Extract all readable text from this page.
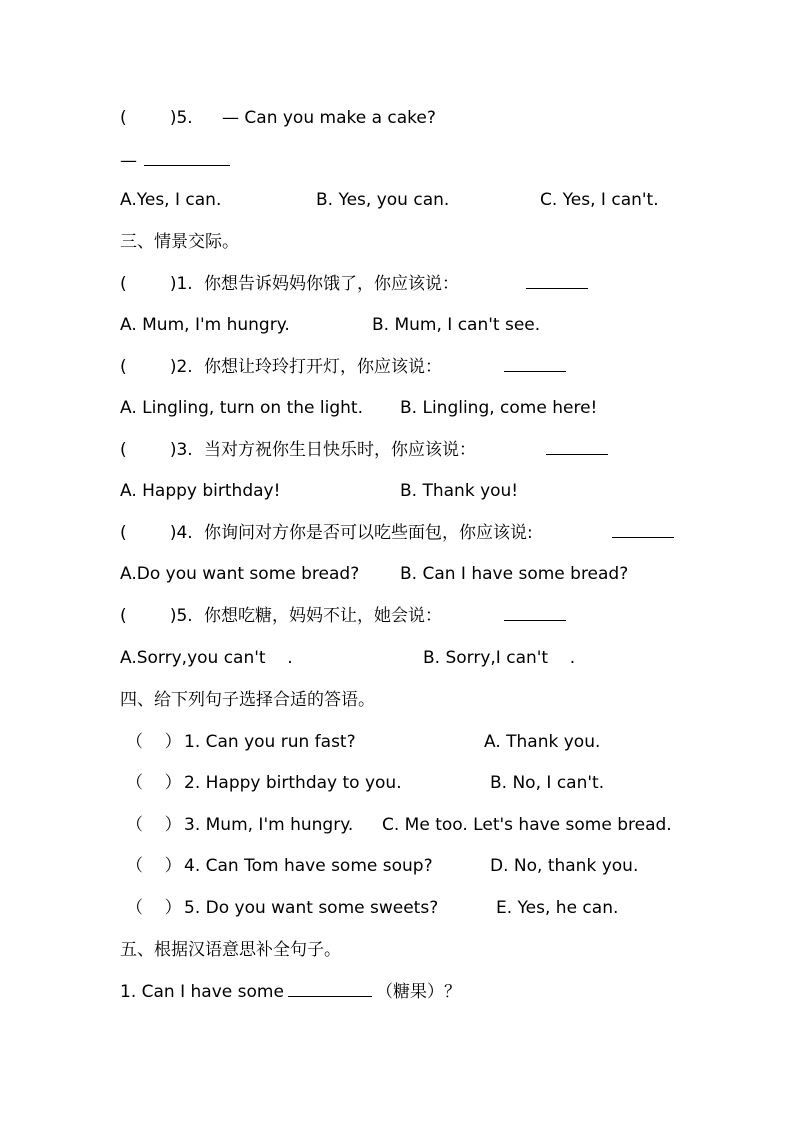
(        )5.

— Can you make a cake?

—

A.Yes, I can.

	B. Yes, you can.

	C. Yes, I can't.

三、情景交际。

(        )1.

你想告诉妈妈你饿了，你应该说：

A. Mum, I'm hungry.

	B. Mum, I can't see.

(        )2.

你想让玲玲打开灯，你应该说：

A. Lingling, turn on the light.

B. Lingling, come here!

(        )3.

当对方祝你生日快乐时，你应该说：

A. Happy birthday!

	B. Thank you!

(        )4.

你询问对方你是否可以吃些面包，你应该说:

A.Do you want some bread?

B. Can I have some bread?

(        )5.

你想吃糖，妈妈不让，她会说：

A.Sorry,you can't    .

	B. Sorry,I can't    .

四、给下列句子选择合适的答语。

（    ）

1. Can you run fast?

	A. Thank you.

（    ）

2. Happy birthday to you.

	B. No, I can't.

（    ）

3. Mum, I'm hungry.

C. Me too. Let's have some bread.

（    ）

4. Can Tom have some soup?

	D. No, thank you.

（    ）

5. Do you want some sweets?

	E. Yes, he can.

五、根据汉语意思补全句子。

1. Can I have some

	（糖果）？
